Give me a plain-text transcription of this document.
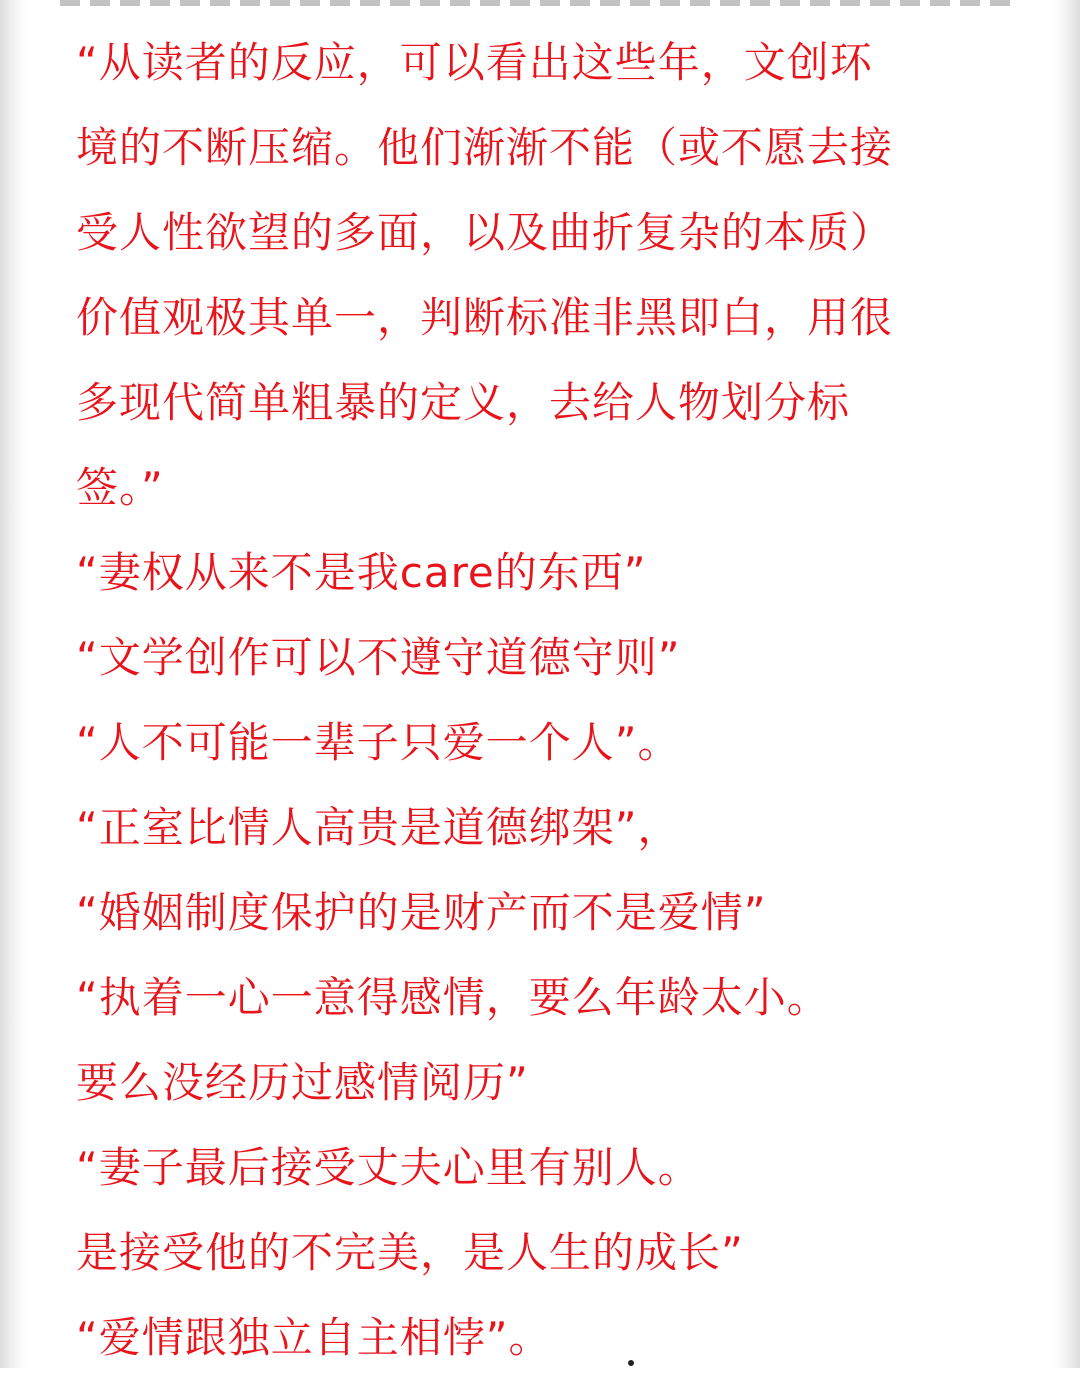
“从读者的反应，可以看出这些年，文创环
境的不断压缩。他们渐渐不能（或不愿去接
受人性欲望的多面，以及曲折复杂的本质）
价值观极其单一，判断标准非黑即白，用很
多现代简单粗暴的定义，去给人物划分标
签。”
“妻权从来不是我care的东西”
“文学创作可以不遵守道德守则”
“人不可能一辈子只爱一个人”。
“正室比情人高贵是道德绑架”，
“婚姻制度保护的是财产而不是爱情”
“执着一心一意得感情，要么年龄太小。
要么没经历过感情阅历”
“妻子最后接受丈夫心里有别人。
是接受他的不完美，是人生的成长”
“爱情跟独立自主相悖”。
